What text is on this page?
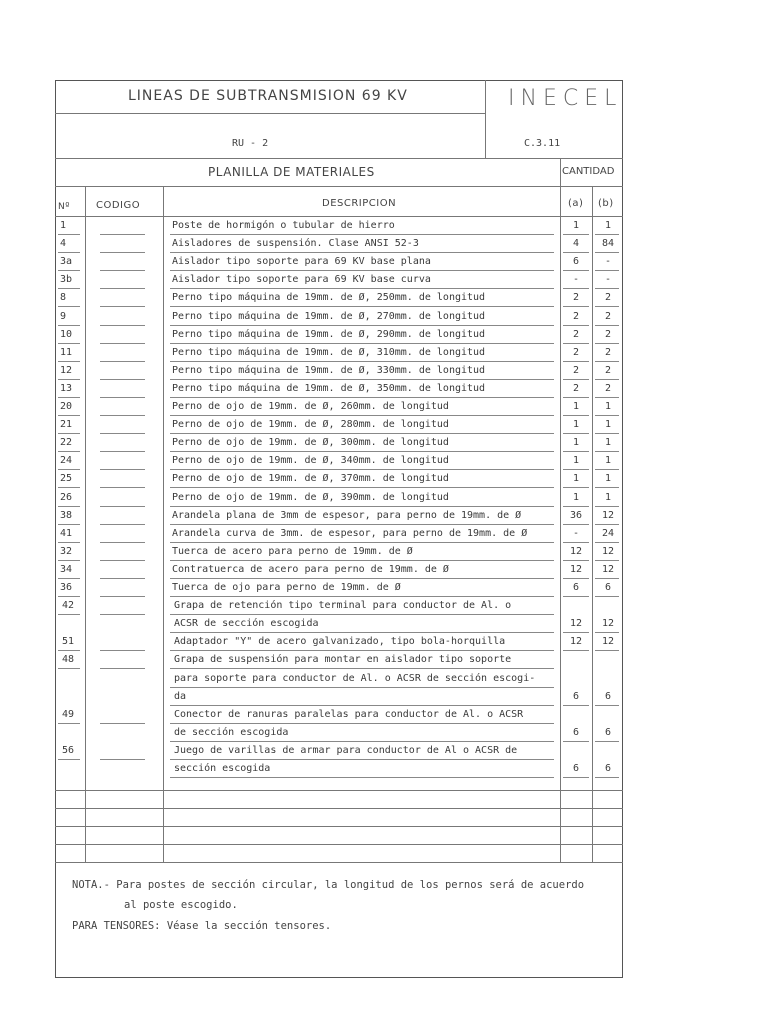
LINEAS DE SUBTRANSMISION 69 KV	INECEL
RU - 2	C.3.11
PLANILLA DE MATERIALES	CANTIDAD
Nº	CODIGO	DESCRIPCION	(a) (b)
1	Poste de hormigón o tubular de hierro	1	1
4	Aisladores de suspensión. Clase ANSI 52-3	4	84
3a	Aislador tipo soporte para 69 KV base plana	6	-
3b	Aislador tipo soporte para 69 KV base curva	-	-
8	Perno tipo máquina de 19mm. de Ø, 250mm. de longitud	2	2
9	Perno tipo máquina de 19mm. de Ø, 270mm. de longitud	2	2
10	Perno tipo máquina de 19mm. de Ø, 290mm. de longitud	2	2
11	Perno tipo máquina de 19mm. de Ø, 310mm. de longitud	2	2
12	Perno tipo máquina de 19mm. de Ø, 330mm. de longitud	2	2
13	Perno tipo máquina de 19mm. de Ø, 350mm. de longitud	2	2
20	Perno de ojo de 19mm. de Ø, 260mm. de longitud	1	1
21	Perno de ojo de 19mm. de Ø, 280mm. de longitud	1	1
22	Perno de ojo de 19mm. de Ø, 300mm. de longitud	1	1
24	Perno de ojo de 19mm. de Ø, 340mm. de longitud	1	1
25	Perno de ojo de 19mm. de Ø, 370mm. de longitud	1	1
26	Perno de ojo de 19mm. de Ø, 390mm. de longitud	1	1
38	Arandela plana de 3mm de espesor, para perno de 19mm. de Ø	36	12
41	Arandela curva de 3mm. de espesor, para perno de 19mm. de Ø	-	24
32	Tuerca de acero para perno de 19mm. de Ø	12	12
34	Contratuerca de acero para perno de 19mm. de Ø	12	12
36	Tuerca de ojo para perno de 19mm. de Ø	6	6
42	Grapa de retención tipo terminal para conductor de Al. o
ACSR de sección escogida	12	12
51	Adaptador "Y" de acero galvanizado, tipo bola-horquilla	12	12
48	Grapa de suspensión para montar en aislador tipo soporte
para soporte para conductor de Al. o ACSR de sección escogi-
da	6	6
49	Conector de ranuras paralelas para conductor de Al. o ACSR
de sección escogida	6	6
56	Juego de varillas de armar para conductor de Al o ACSR de
sección escogida	6	6
NOTA.- Para postes de sección circular, la longitud de los pernos será de acuerdo
al poste escogido.
PARA TENSORES: Véase la sección tensores.
